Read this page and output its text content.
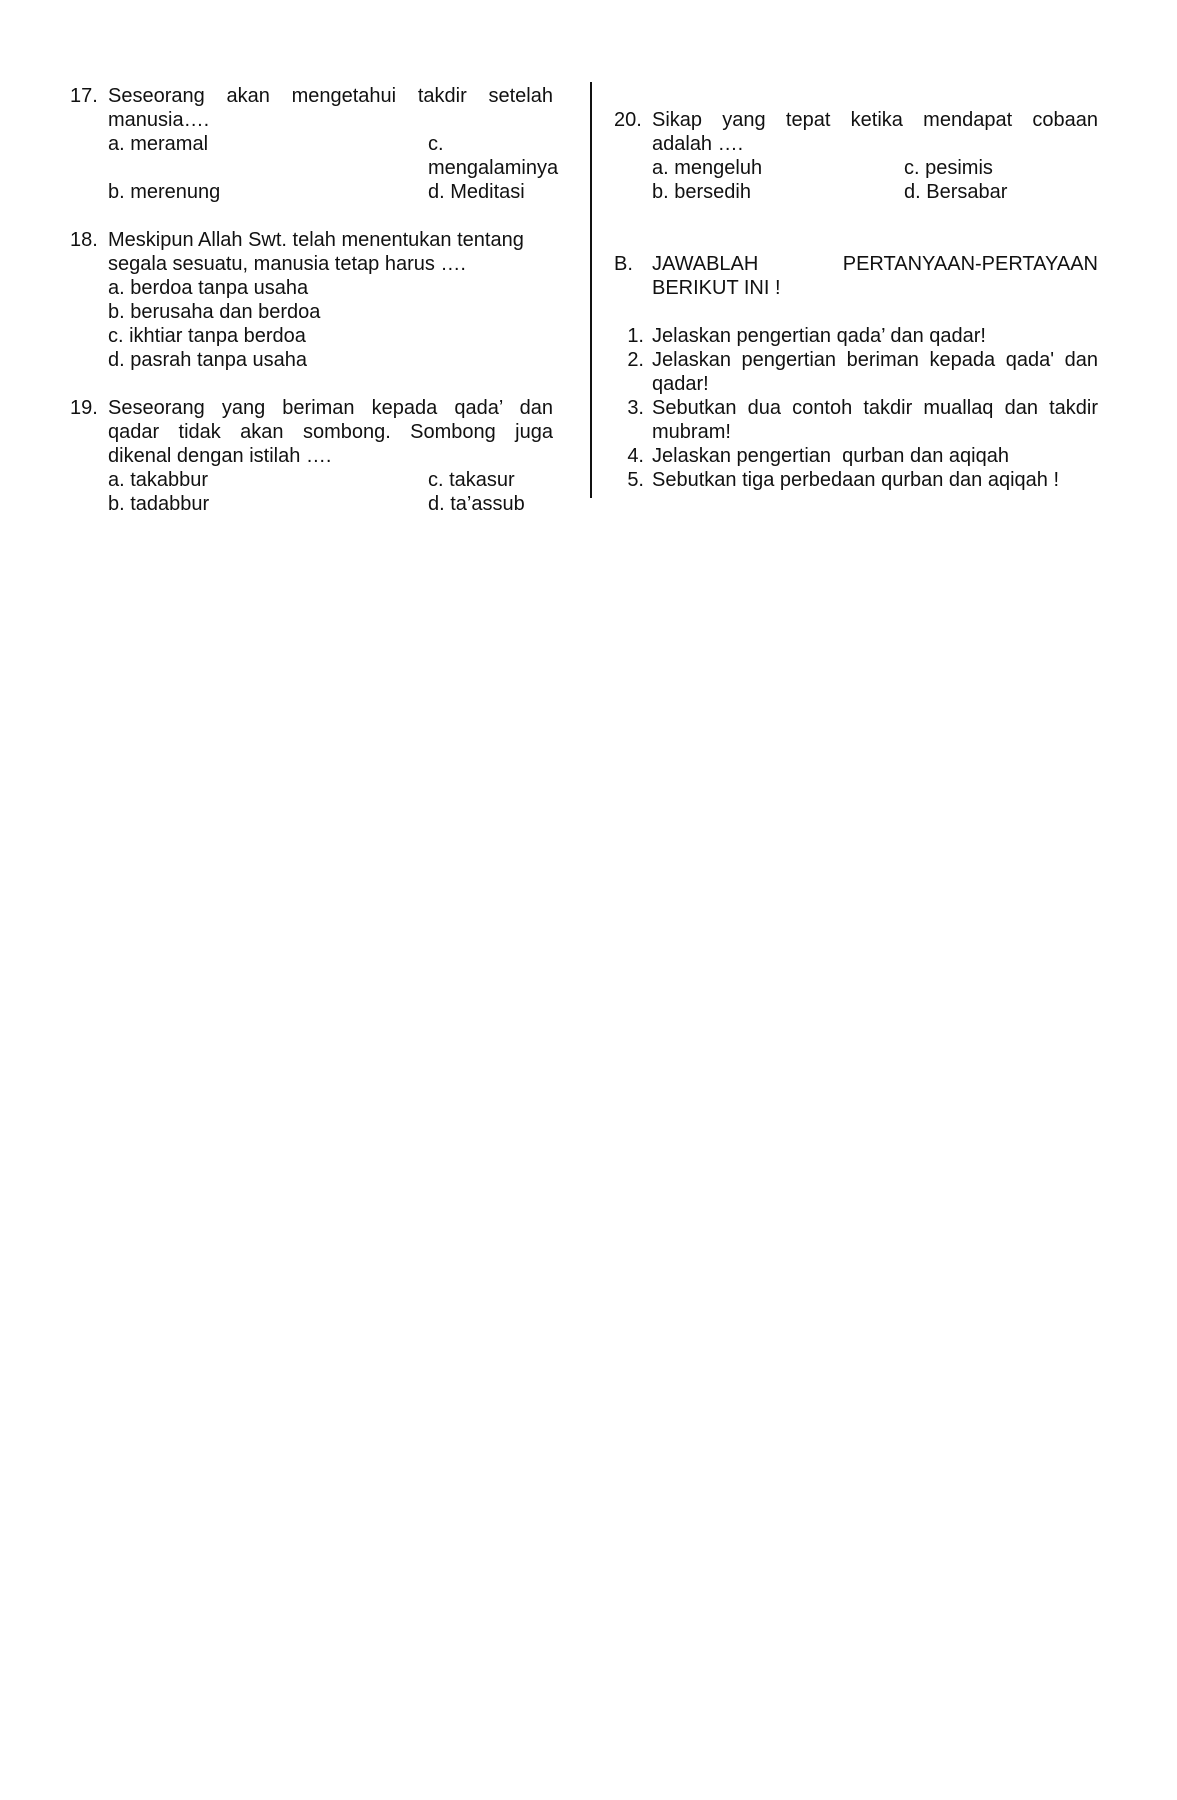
17. Seseorang akan mengetahui takdir setelah
manusia….
a. meramal	c. mengalaminya
b. merenung	d. Meditasi
18. Meskipun Allah Swt. telah menentukan tentang
segala sesuatu, manusia tetap harus ….
a. berdoa tanpa usaha
b. berusaha dan berdoa
c. ikhtiar tanpa berdoa
d. pasrah tanpa usaha
19. Seseorang yang beriman kepada qada’ dan
qadar tidak akan sombong. Sombong juga
dikenal dengan istilah ….
a. takabbur	c. takasur
b. tadabbur	d. ta’assub
20. Sikap yang tepat ketika mendapat cobaan
adalah ….
a. mengeluh	c. pesimis
b. bersedih	d. Bersabar
B. JAWABLAH	PERTANYAAN-PERTAYAAN
BERIKUT INI !
1. Jelaskan pengertian qada’ dan qadar!
2. Jelaskan pengertian beriman kepada qada' dan
qadar!
3. Sebutkan dua contoh takdir muallaq dan takdir
mubram!
4. Jelaskan pengertian  qurban dan aqiqah
5. Sebutkan tiga perbedaan qurban dan aqiqah !
